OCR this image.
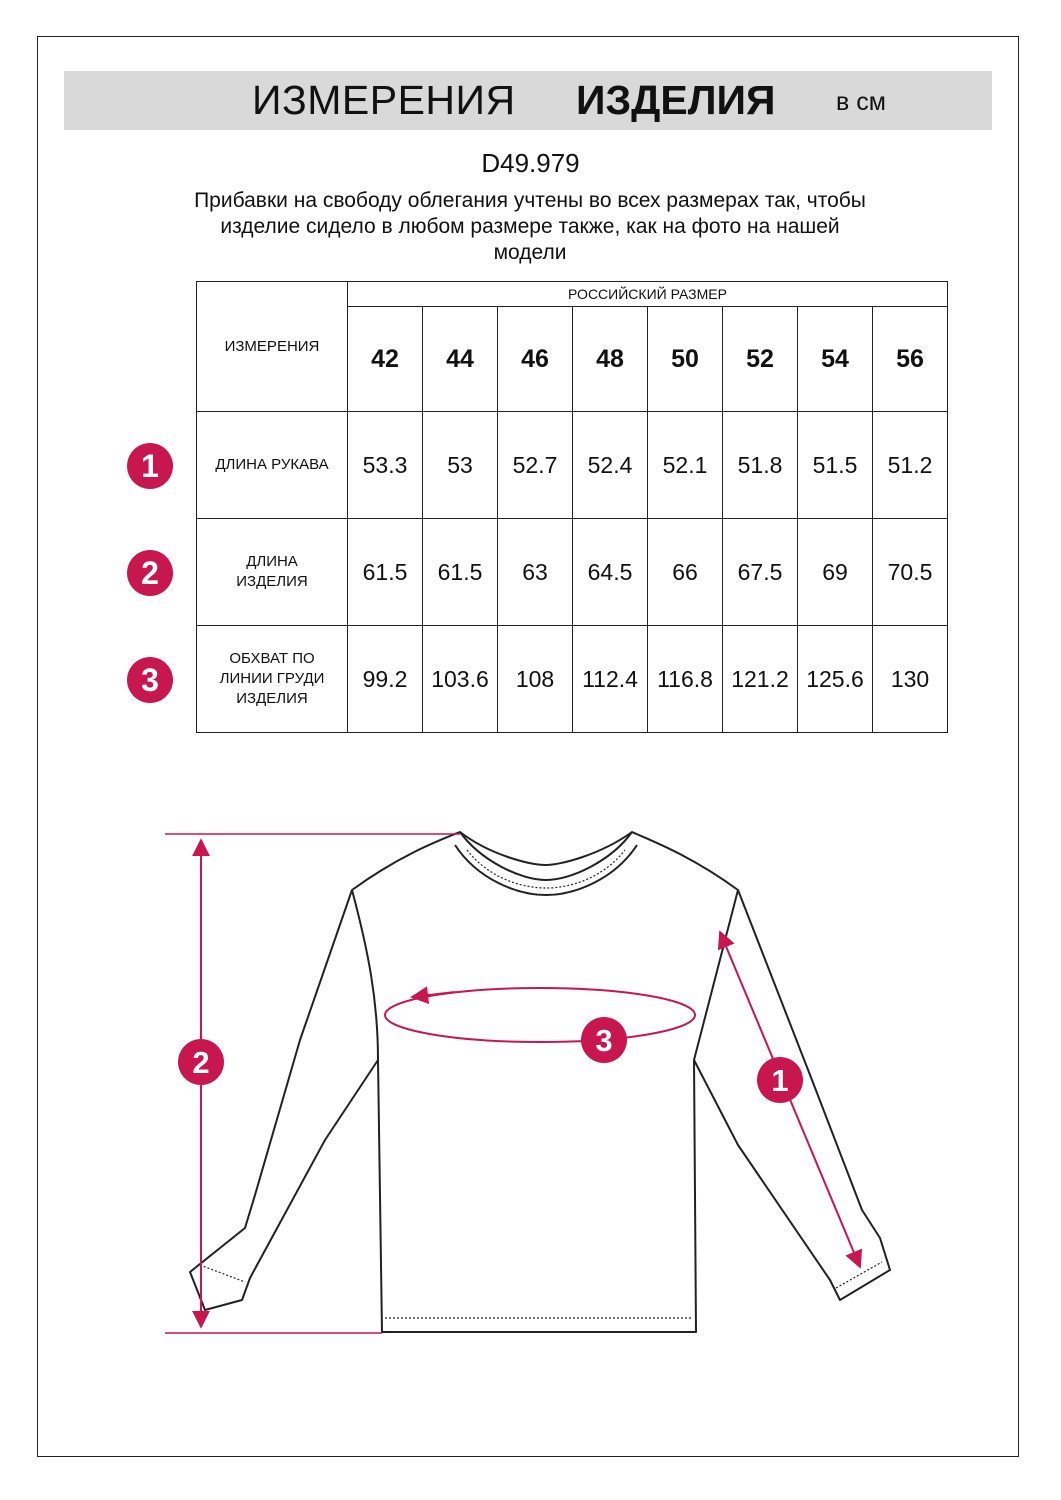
ИЗМЕРЕНИЯ ИЗДЕЛИЯ в см
D49.979
Прибавки на свободу облегания учтены во всех размерах так, чтобы
изделие сидело в любом размере также, как на фото на нашей
модели
ИЗМЕРЕНИЯ	РОССИЙСКИЙ РАЗМЕР							
	42	44	46	48	50	52	54	56

ДЛИНА РУКАВА	53.3	53	52.7	52.4	52.1	51.8	51.5	51.2

ДЛИНА
ИЗДЕЛИЯ	61.5	61.5	63	64.5	66	67.5	69	70.5

ОБХВАТ ПО
ЛИНИИ ГРУДИ
ИЗДЕЛИЯ	99.2	103.6	108	112.4	116.8	121.2	125.6	130
1
2
3
2
3
1
